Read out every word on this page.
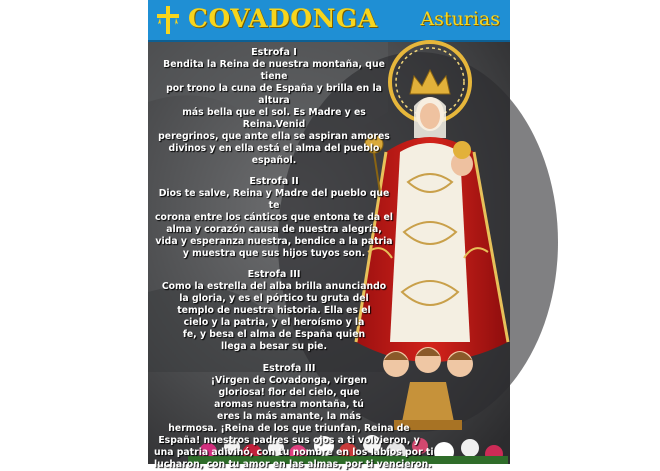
COVADONGA Asturias
Estrofa I
Bendita la Reina de nuestra montaña, que tiene
por trono la cuna de España y brilla en la altura
más bella que el sol. Es Madre y es Reina.Venid
peregrinos, que ante ella se aspiran amores
divinos y en ella está el alma del pueblo español.
Estrofa II
Dios te salve, Reina y Madre del pueblo que te
corona entre los cánticos que entona te da el
alma y corazón causa de nuestra alegría,
vida y esperanza nuestra, bendice a la patria
y muestra que sus hijos tuyos son.
Estrofa III
Como la estrella del alba brilla anunciando
la gloria, y es el pórtico tu gruta del
templo de nuestra historia. Ella es el
cielo y la patria, y el heroísmo y la
fe, y besa el alma de España quien
llega a besar su pie.
Estrofa III
¡Virgen de Covadonga, virgen
gloriosa! flor del cielo, que
aromas nuestra montaña, tú
eres la más amante, la más
hermosa. ¡Reina de los que triunfan, Reina de
España! nuestros padres sus ojos a ti volvieron, y
una patria adivinó, con tu nombre en los labios por ti
lucharon, con tu amor en las almas, por ti vencieron.
